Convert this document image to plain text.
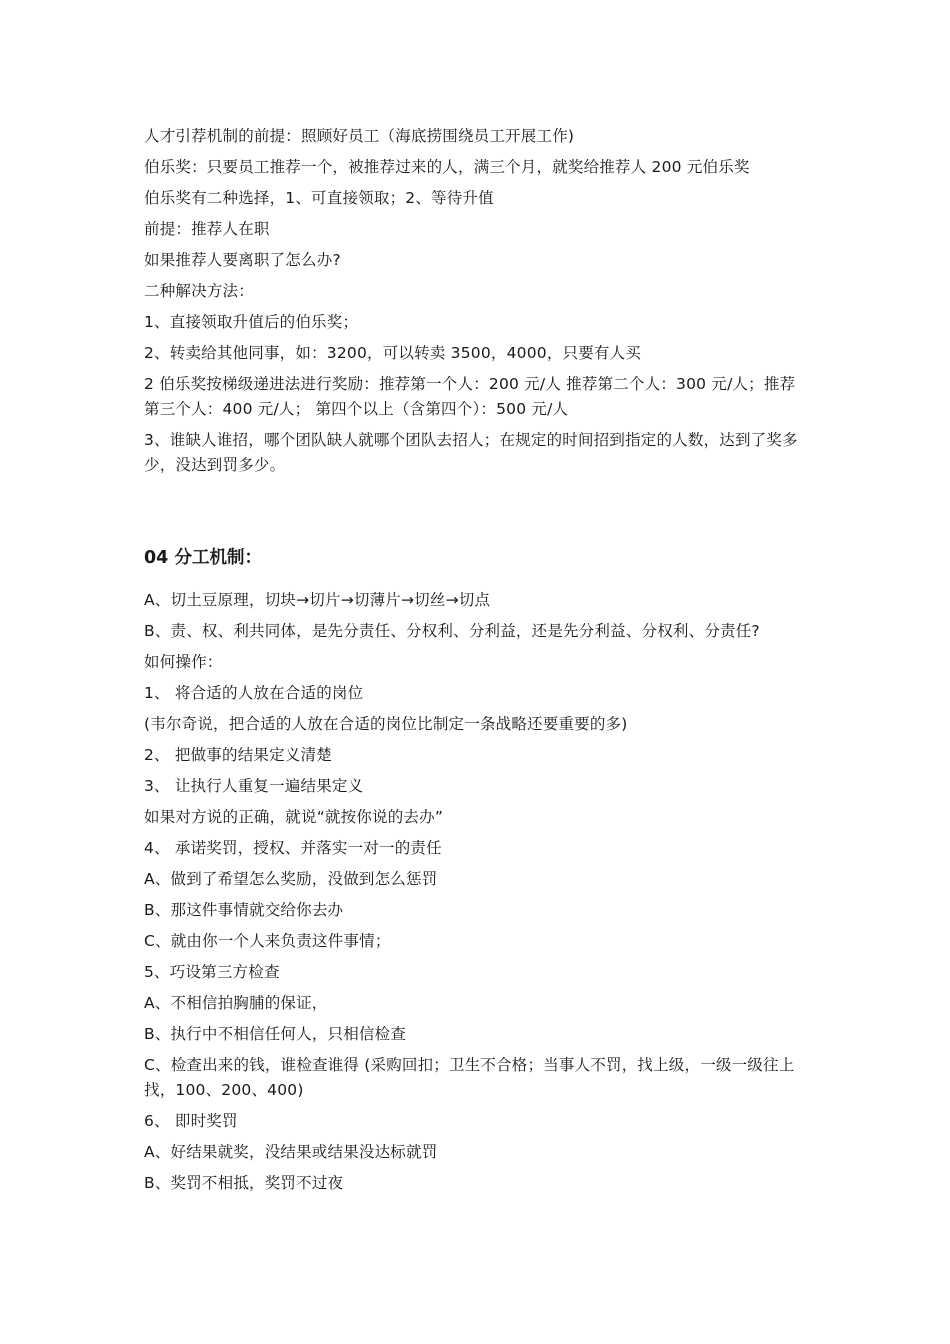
人才引荐机制的前提：照顾好员工（海底捞围绕员工开展工作)

伯乐奖：只要员工推荐一个，被推荐过来的人，满三个月，就奖给推荐人 200 元伯乐奖

伯乐奖有二种选择，1、可直接领取；2、等待升值

前提：推荐人在职

如果推荐人要离职了怎么办?

二种解决方法：

1、直接领取升值后的伯乐奖；

2、转卖给其他同事，如：3200，可以转卖 3500，4000，只要有人买

2 伯乐奖按梯级递进法进行奖励：推荐第一个人：200 元/人 推荐第二个人：300 元/人；推荐第三个人：400 元/人； 第四个以上（含第四个）：500 元/人

3、谁缺人谁招，哪个团队缺人就哪个团队去招人；在规定的时间招到指定的人数，达到了奖多少，没达到罚多少。

04 分工机制：

A、切土豆原理，切块→切片→切薄片→切丝→切点

B、责、权、利共同体，是先分责任、分权利、分利益，还是先分利益、分权利、分责任?

如何操作：

1、 将合适的人放在合适的岗位

(韦尔奇说，把合适的人放在合适的岗位比制定一条战略还要重要的多)

2、 把做事的结果定义清楚

3、 让执行人重复一遍结果定义

如果对方说的正确，就说“就按你说的去办”

4、 承诺奖罚，授权、并落实一对一的责任

A、做到了希望怎么奖励，没做到怎么惩罚

B、那这件事情就交给你去办

C、就由你一个人来负责这件事情；

5、巧设第三方检查

A、不相信拍胸脯的保证，

B、执行中不相信任何人，只相信检查

C、检查出来的钱，谁检查谁得 (采购回扣；卫生不合格；当事人不罚，找上级，一级一级往上找，100、200、400)

6、 即时奖罚

A、好结果就奖，没结果或结果没达标就罚

B、奖罚不相抵，奖罚不过夜
